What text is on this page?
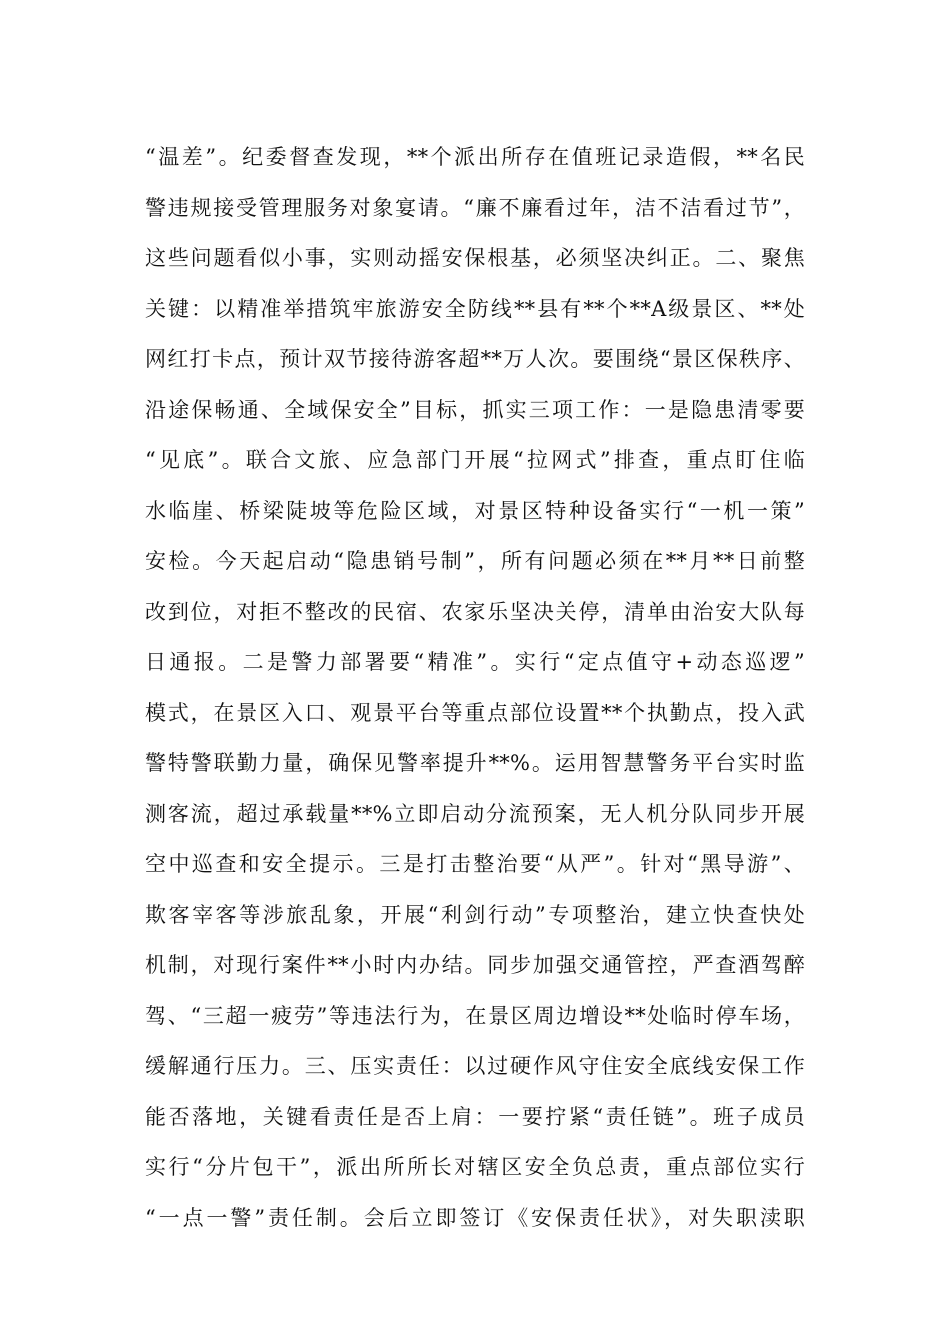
“温差”。纪委督查发现，**个派出所存在值班记录造假，**名民
警违规接受管理服务对象宴请。“廉不廉看过年，洁不洁看过节”，
这些问题看似小事，实则动摇安保根基，必须坚决纠正。二、聚焦
关键：以精准举措筑牢旅游安全防线**县有**个**A级景区、**处
网红打卡点，预计双节接待游客超**万人次。要围绕“景区保秩序、
沿途保畅通、全域保安全”目标，抓实三项工作：一是隐患清零要
“见底”。联合文旅、应急部门开展“拉网式”排查，重点盯住临
水临崖、桥梁陡坡等危险区域，对景区特种设备实行“一机一策”
安检。今天起启动“隐患销号制”，所有问题必须在**月**日前整
改到位，对拒不整改的民宿、农家乐坚决关停，清单由治安大队每
日通报。二是警力部署要“精准”。实行“定点值守+动态巡逻”
模式，在景区入口、观景平台等重点部位设置**个执勤点，投入武
警特警联勤力量，确保见警率提升**%。运用智慧警务平台实时监
测客流，超过承载量**%立即启动分流预案，无人机分队同步开展
空中巡查和安全提示。三是打击整治要“从严”。针对“黑导游”、
欺客宰客等涉旅乱象，开展“利剑行动”专项整治，建立快查快处
机制，对现行案件**小时内办结。同步加强交通管控，严查酒驾醉
驾、“三超一疲劳”等违法行为，在景区周边增设**处临时停车场，
缓解通行压力。三、压实责任：以过硬作风守住安全底线安保工作
能否落地，关键看责任是否上肩：一要拧紧“责任链”。班子成员
实行“分片包干”，派出所所长对辖区安全负总责，重点部位实行
“一点一警”责任制。会后立即签订《安保责任状》，对失职渎职
